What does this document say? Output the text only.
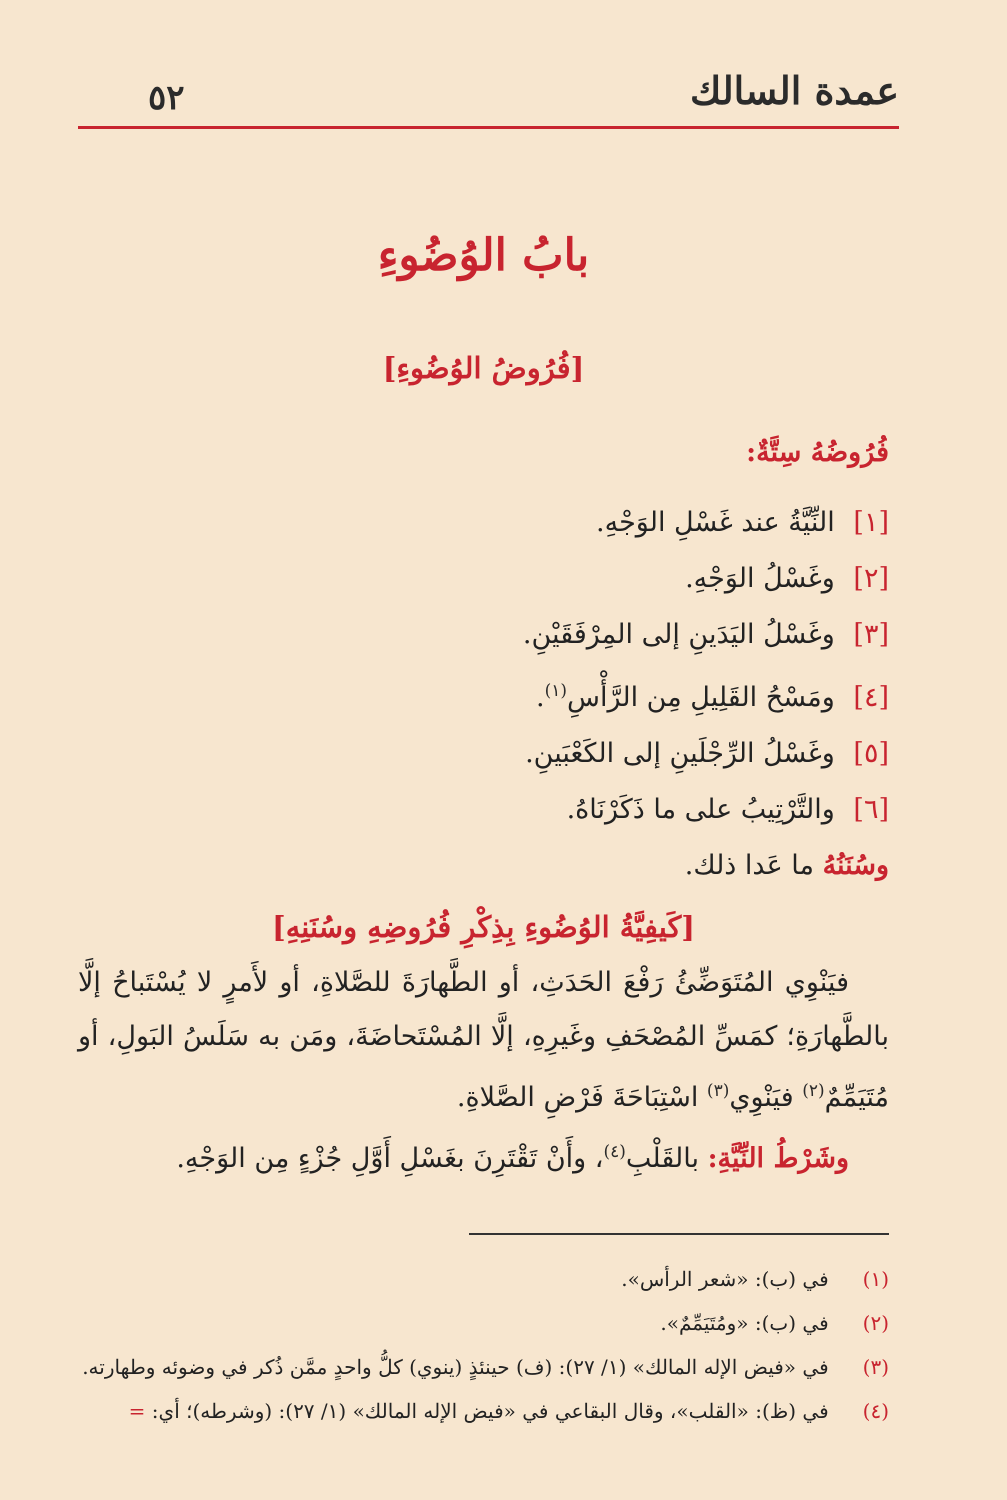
عمدة السالك
٥٢
بابُ الوُضُوءِ
[فُرُوضُ الوُضُوءِ]

فُرُوضُهُ سِتَّةٌ:

[١] النِّيَّةُ عند غَسْلِ الوَجْهِ.

[٢] وغَسْلُ الوَجْهِ.

[٣] وغَسْلُ اليَدَينِ إلى المِرْفَقَيْنِ.

[٤] ومَسْحُ القَلِيلِ مِن الرَّأْسِ$^{(١)}$.

[٥] وغَسْلُ الرِّجْلَينِ إلى الكَعْبَينِ.

[٦] والتَّرْتِيبُ على ما ذَكَرْنَاهُ.

وسُنَنُهُ ما عَدا ذلك.

[كَيفِيَّةُ الوُضُوءِ بِذِكْرِ فُرُوضِهِ وسُنَنِهِ]

فيَنْوِي المُتَوَضِّئُ رَفْعَ الحَدَثِ، أو الطَّهارَةَ للصَّلاةِ، أو لأَمرٍ لا يُسْتَباحُ إلَّا بالطَّهارَةِ؛ كمَسِّ المُصْحَفِ وغَيرِهِ، إلَّا المُسْتَحاضَةَ، ومَن به سَلَسُ البَولِ، أو مُتَيَمِّمٌ$^{(٢)}$ فيَنْوِي$^{(٣)}$ اسْتِبَاحَةَ فَرْضِ الصَّلاةِ.

وشَرْطُ النِّيَّةِ: بالقَلْبِ$^{(٤)}$، وأَنْ تَقْتَرِنَ بغَسْلِ أَوَّلِ جُزْءٍ مِن الوَجْهِ.

(١) في (ب): «شعر الرأس».

(٢) في (ب): «ومُتَيَمِّمٌ».

(٣) في «فيض الإله المالك» (١/ ٢٧): (ف) حينئذٍ (ينوي) كلُّ واحدٍ ممَّن ذُكر في وضوئه وطهارته.

(٤) في (ظ): «القلب»، وقال البقاعي في «فيض الإله المالك» (١/ ٢٧): (وشرطه)؛ أي: =
